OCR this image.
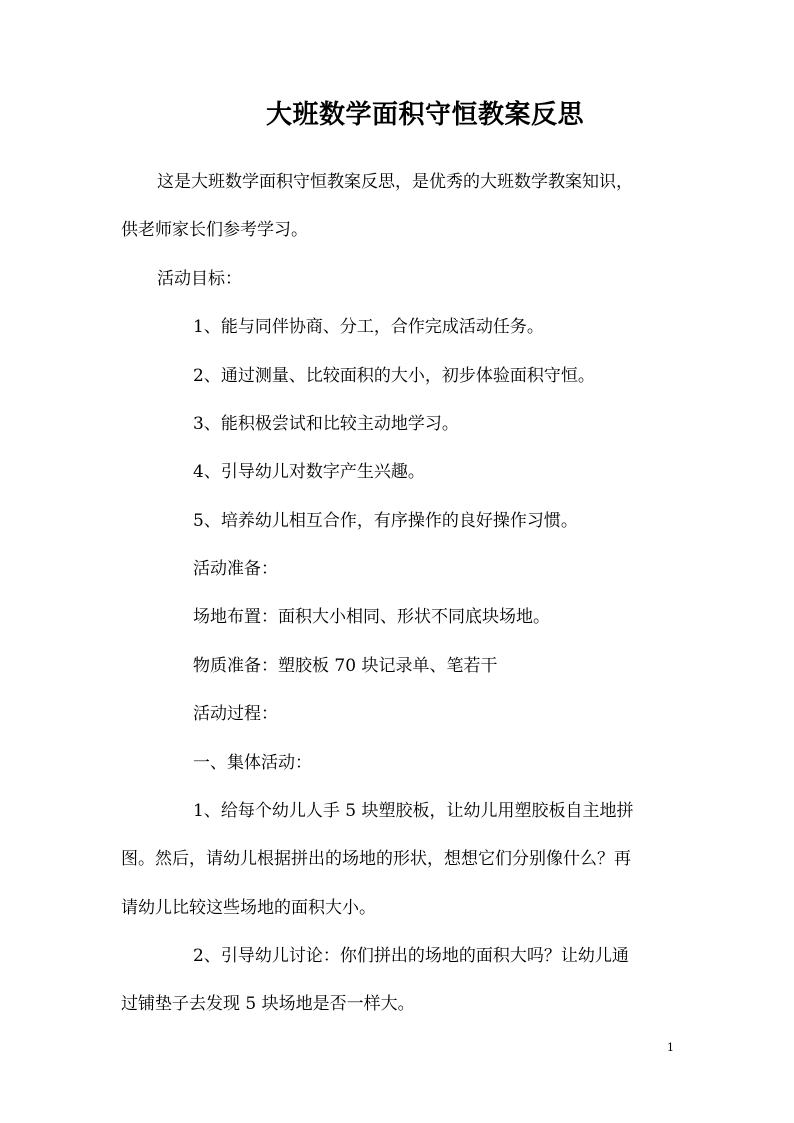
大班数学面积守恒教案反思
这是大班数学面积守恒教案反思，是优秀的大班数学教案知识，
供老师家长们参考学习。
活动目标：
1、能与同伴协商、分工，合作完成活动任务。
2、通过测量、比较面积的大小，初步体验面积守恒。
3、能积极尝试和比较主动地学习。
4、引导幼儿对数字产生兴趣。
5、培养幼儿相互合作，有序操作的良好操作习惯。
活动准备：
场地布置：面积大小相同、形状不同底块场地。
物质准备：塑胶板 70 块记录单、笔若干
活动过程：
一、集体活动：
1、给每个幼儿人手 5 块塑胶板，让幼儿用塑胶板自主地拼
图。然后，请幼儿根据拼出的场地的形状，想想它们分别像什么？再
请幼儿比较这些场地的面积大小。
2、引导幼儿讨论：你们拼出的场地的面积大吗？让幼儿通
过铺垫子去发现 5 块场地是否一样大。
1
